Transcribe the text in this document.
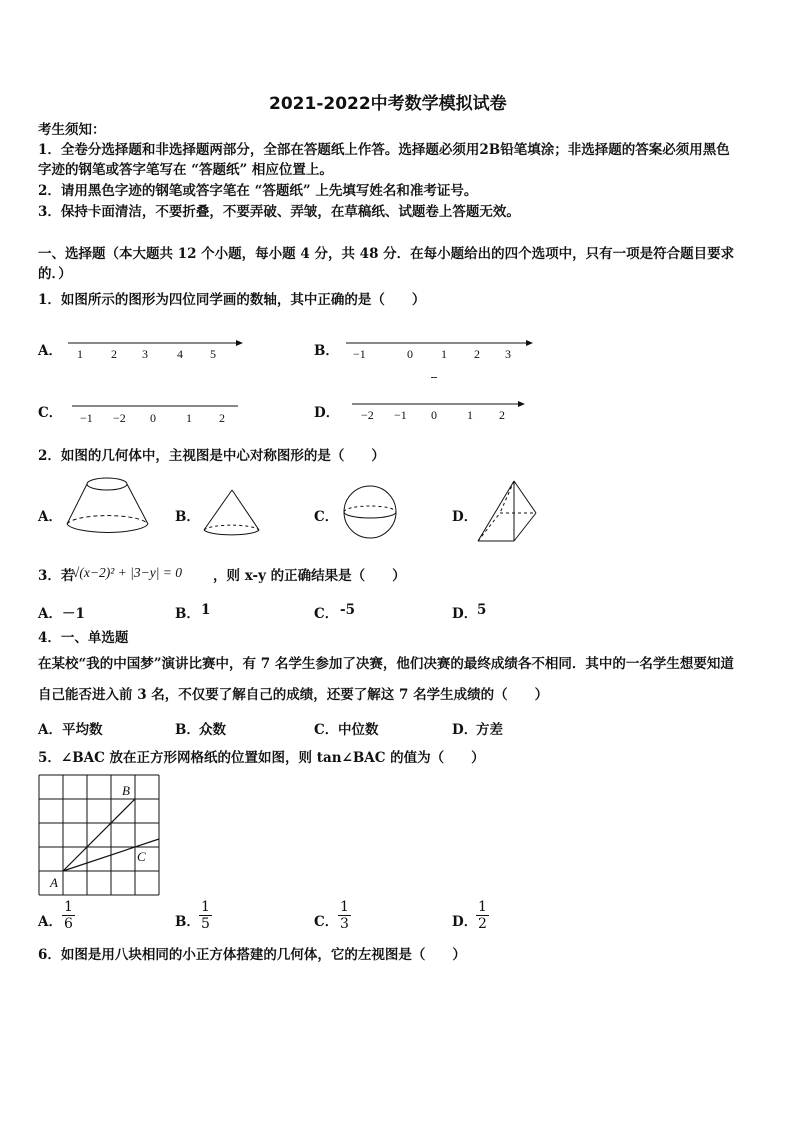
2021-2022中考数学模拟试卷
考生须知：
1．全卷分选择题和非选择题两部分，全部在答题纸上作答。选择题必须用2B铅笔填涂；非选择题的答案必须用黑色
字迹的钢笔或答字笔写在 “答题纸” 相应位置上。
2．请用黑色字迹的钢笔或答字笔在 “答题纸” 上先填写姓名和准考证号。
3．保持卡面清洁，不要折叠，不要弄破、弄皱，在草稿纸、试题卷上答题无效。
一、选择题（本大题共 12 个小题，每小题 4 分，共 48 分．在每小题给出的四个选项中，只有一项是符合题目要求
的．）
1．如图所示的图形为四位同学画的数轴，其中正确的是（　　）
A．	B．
C．	D．
1 2 3 4 5	−1	0 1 2 3
−1 −2 0	1 2	−2 −1 0	1 2
2．如图的几何体中，主视图是中心对称图形的是（　　）
A．	B．	C．	D．
3．若
√(x−2)² + |3−y| = 0 ，则 x-y 的正确结果是（　　）
A． －1	B． 1	C． -5	D． 5
4．一、单选题
在某校“我的中国梦”演讲比赛中，有 7 名学生参加了决赛，他们决赛的最终成绩各不相同．其中的一名学生想要知道
自己能否进入前 3 名，不仅要了解自己的成绩，还要了解这 7 名学生成绩的（　　）
A． 平均数	B． 众数	C． 中位数	D．
方差
5．∠BAC 放在正方形网格纸的位置如图，则 tan∠BAC 的值为（　　）
A
B
C
A． $\frac{1}{6}$	B． $\frac{1}{5}$	C． $\frac{1}{3}$	D．
$\frac{1}{2}$
6．如图是用八块相同的小正方体搭建的几何体，它的左视图是（　　）
